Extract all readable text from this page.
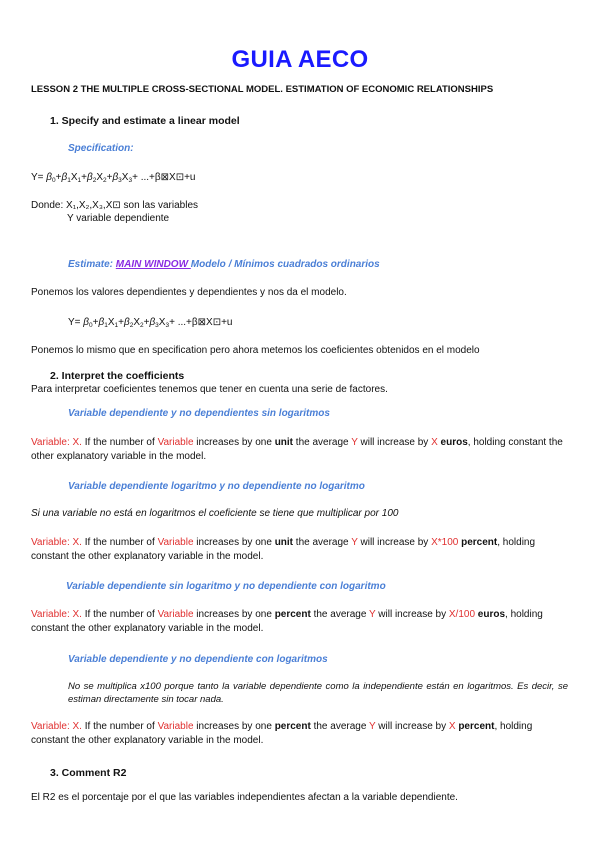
GUIA AECO
LESSON 2 THE MULTIPLE CROSS-SECTIONAL MODEL. ESTIMATION OF ECONOMIC RELATIONSHIPS
1. Specify and estimate a linear model
Specification:
$Y= \beta_0+\beta_1X_1+\beta_2X_2+\beta_3X_3+$ ...+β⊠X⊡+u
Donde: X₁,X₂,X₃,X⊡ son las variables
Y variable dependiente
Estimate: MAIN WINDOW Modelo / Mínimos cuadrados ordinarios
Ponemos los valores dependientes y dependientes y nos da el modelo.
$Y= \beta_0+\beta_1X_1+\beta_2X_2+\beta_3X_3+$ ...+β⊠X⊡+u
Ponemos lo mismo que en specification pero ahora metemos los coeficientes obtenidos en el modelo
2. Interpret the coefficients
Para interpretar coeficientes tenemos que tener en cuenta una serie de factores.
Variable dependiente y no dependientes sin logaritmos
Variable: X. If the number of Variable increases by one unit the average Y will increase by X euros, holding constant the other explanatory variable in the model.
Variable dependiente logaritmo y no dependiente no logaritmo
Si una variable no está en logaritmos el coeficiente se tiene que multiplicar por 100
Variable: X. If the number of Variable increases by one unit the average Y will increase by X*100 percent, holding constant the other explanatory variable in the model.
Variable dependiente sin logaritmo y no dependiente con logaritmo
Variable: X. If the number of Variable increases by one percent the average Y will increase by X/100 euros, holding constant the other explanatory variable in the model.
Variable dependiente y no dependiente con logaritmos
No se multiplica x100 porque tanto la variable dependiente como la independiente están en logaritmos. Es decir, se estiman directamente sin tocar nada.
Variable: X. If the number of Variable increases by one percent the average Y will increase by X percent, holding constant the other explanatory variable in the model.
3. Comment R2
El R2 es el porcentaje por el que las variables independientes afectan a la variable dependiente.
